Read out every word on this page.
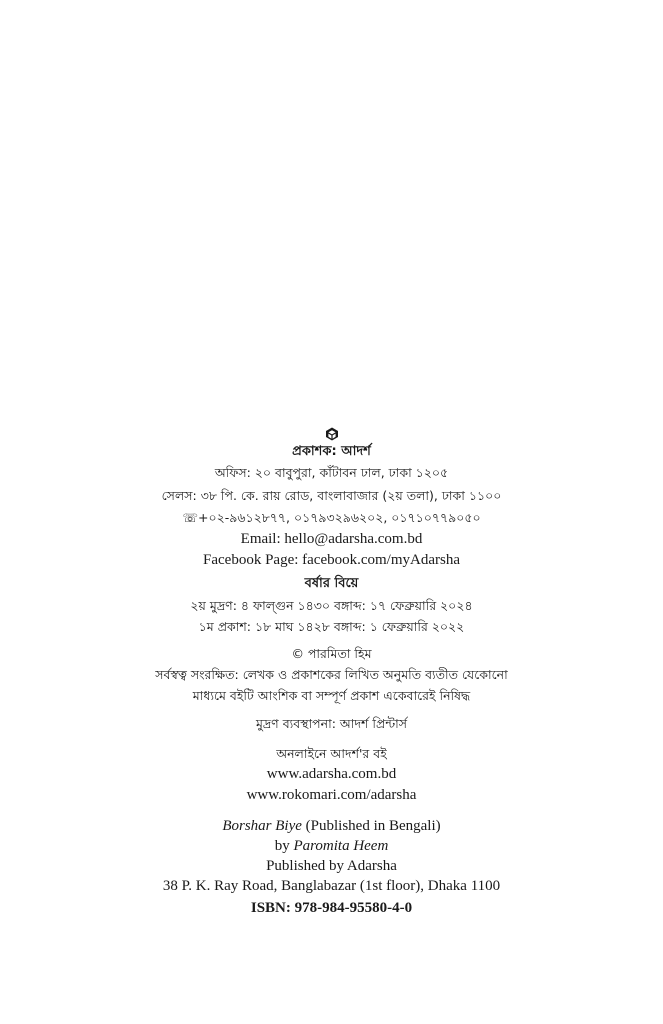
প্রকাশক: আদর্শ
অফিস: ২০ বাবুপুরা, কাঁটাবন ঢাল, ঢাকা ১২০৫
সেলস: ৩৮ পি. কে. রায় রোড, বাংলাবাজার (২য় তলা), ঢাকা ১১০০
☏+০২-৯৬১২৮৭৭, ০১৭৯৩২৯৬২০২, ০১৭১০৭৭৯০৫০
Email: hello@adarsha.com.bd
Facebook Page: facebook.com/myAdarsha
বর্ষার বিয়ে
২য় মুদ্রণ: ৪ ফাল্গুন ১৪৩০ বঙ্গাব্দ: ১৭ ফেব্রুয়ারি ২০২৪
১ম প্রকাশ: ১৮ মাঘ ১৪২৮ বঙ্গাব্দ: ১ ফেব্রুয়ারি ২০২২
© পারমিতা হিম
সর্বস্বত্ব সংরক্ষিত: লেখক ও প্রকাশকের লিখিত অনুমতি ব্যতীত যেকোনো
মাধ্যমে বইটি আংশিক বা সম্পূর্ণ প্রকাশ একেবারেই নিষিদ্ধ
মুদ্রণ ব্যবস্থাপনা: আদর্শ প্রিন্টার্স
অনলাইনে আদর্শ'র বই
www.adarsha.com.bd
www.rokomari.com/adarsha
Borshar Biye (Published in Bengali)
by Paromita Heem
Published by Adarsha
38 P. K. Ray Road, Banglabazar (1st floor), Dhaka 1100
ISBN: 978-984-95580-4-0
